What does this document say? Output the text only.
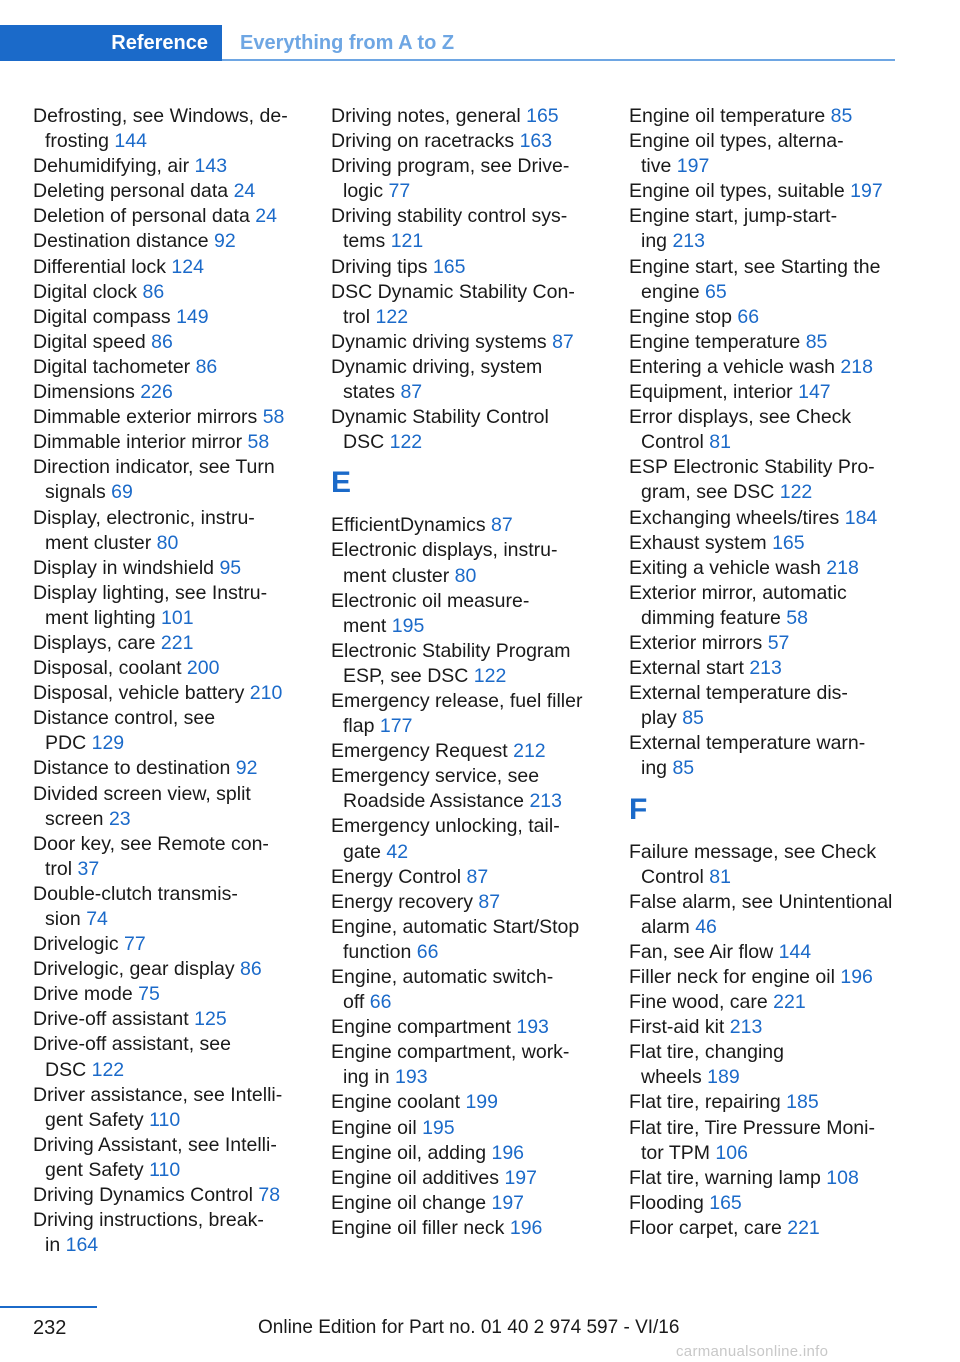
Reference	Everything from A to Z
Defrosting, see Windows, de-
frosting 144
Dehumidifying, air 143
Deleting personal data 24
Deletion of personal data 24
Destination distance 92
Differential lock 124
Digital clock 86
Digital compass 149
Digital speed 86
Digital tachometer 86
Dimensions 226
Dimmable exterior mirrors 58
Dimmable interior mirror 58
Direction indicator, see Turn
signals 69
Display, electronic, instru-
ment cluster 80
Display in windshield 95
Display lighting, see Instru-
ment lighting 101
Displays, care 221
Disposal, coolant 200
Disposal, vehicle battery 210
Distance control, see
PDC 129
Distance to destination 92
Divided screen view, split
screen 23
Door key, see Remote con-
trol 37
Double-clutch transmis-
sion 74
Drivelogic 77
Drivelogic, gear display 86
Drive mode 75
Drive-off assistant 125
Drive-off assistant, see
DSC 122
Driver assistance, see Intelli-
gent Safety 110
Driving Assistant, see Intelli-
gent Safety 110
Driving Dynamics Control 78
Driving instructions, break-
in 164
Driving notes, general 165
Driving on racetracks 163
Driving program, see Drive-
logic 77
Driving stability control sys-
tems 121
Driving tips 165
DSC Dynamic Stability Con-
trol 122
Dynamic driving systems 87
Dynamic driving, system
states 87
Dynamic Stability Control
DSC 122
E
EfficientDynamics 87
Electronic displays, instru-
ment cluster 80
Electronic oil measure-
ment 195
Electronic Stability Program
ESP, see DSC 122
Emergency release, fuel filler
flap 177
Emergency Request 212
Emergency service, see
Roadside Assistance 213
Emergency unlocking, tail-
gate 42
Energy Control 87
Energy recovery 87
Engine, automatic Start/Stop
function 66
Engine, automatic switch-
off 66
Engine compartment 193
Engine compartment, work-
ing in 193
Engine coolant 199
Engine oil 195
Engine oil, adding 196
Engine oil additives 197
Engine oil change 197
Engine oil filler neck 196
Engine oil temperature 85
Engine oil types, alterna-
tive 197
Engine oil types, suitable 197
Engine start, jump-start-
ing 213
Engine start, see Starting the
engine 65
Engine stop 66
Engine temperature 85
Entering a vehicle wash 218
Equipment, interior 147
Error displays, see Check
Control 81
ESP Electronic Stability Pro-
gram, see DSC 122
Exchanging wheels/tires 184
Exhaust system 165
Exiting a vehicle wash 218
Exterior mirror, automatic
dimming feature 58
Exterior mirrors 57
External start 213
External temperature dis-
play 85
External temperature warn-
ing 85
F
Failure message, see Check
Control 81
False alarm, see Unintentional
alarm 46
Fan, see Air flow 144
Filler neck for engine oil 196
Fine wood, care 221
First-aid kit 213
Flat tire, changing
wheels 189
Flat tire, repairing 185
Flat tire, Tire Pressure Moni-
tor TPM 106
Flat tire, warning lamp 108
Flooding 165
Floor carpet, care 221
232	Online Edition for Part no. 01 40 2 974 597 - VI/16
carmanualsonline.info
